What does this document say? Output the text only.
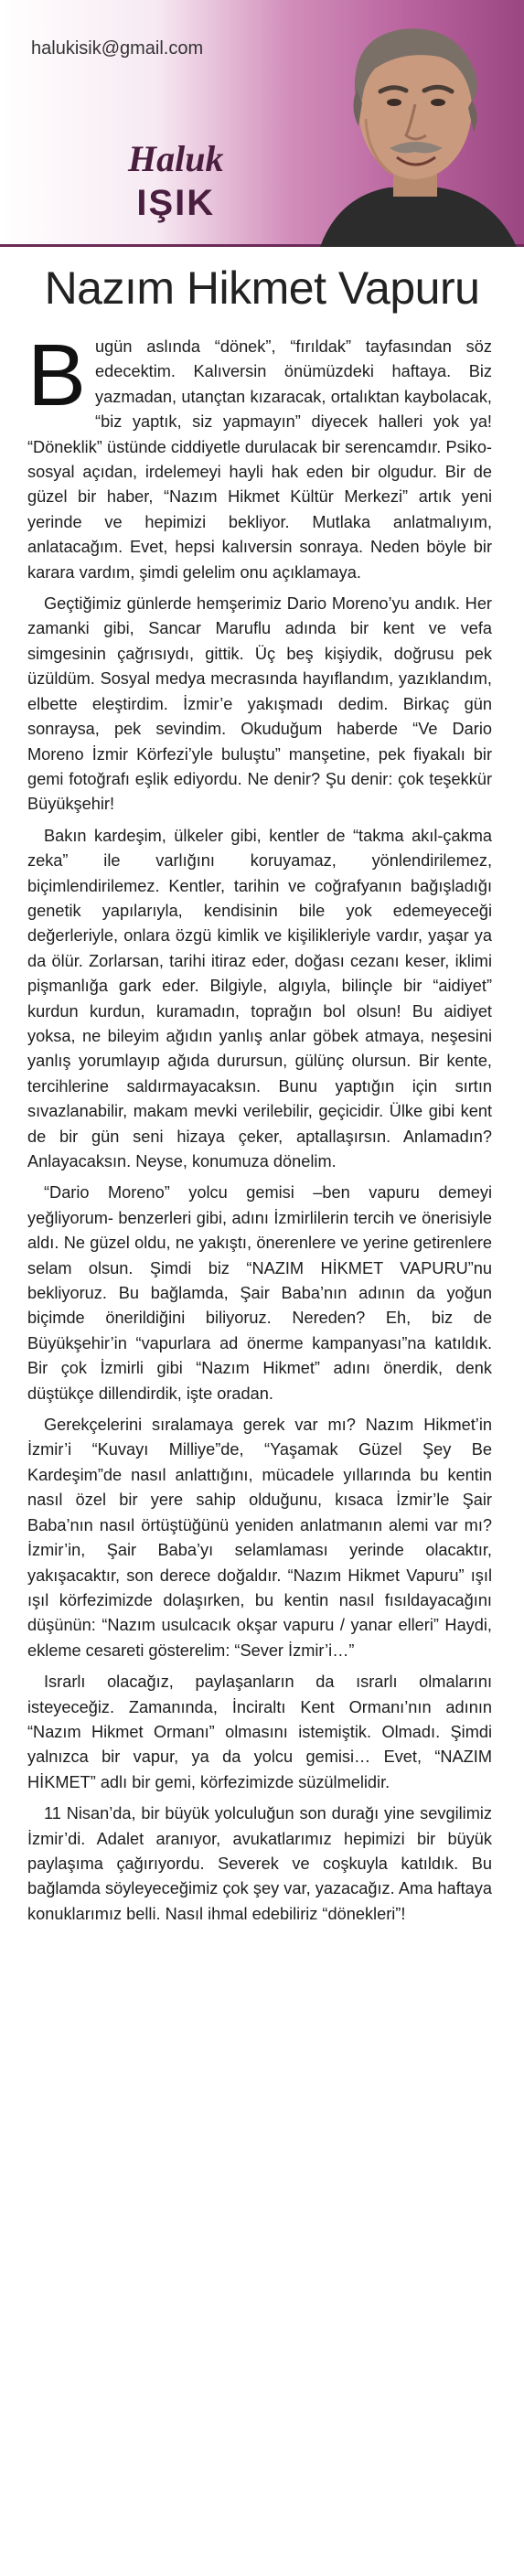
halukisik@gmail.com
Haluk
IŞIK
Nazım Hikmet Vapuru

Bugün aslında “dönek”, “fırıldak” tayfasından söz edecektim. Kalıversin önümüzdeki haftaya. Biz yazmadan, utançtan kızaracak, ortalıktan kaybolacak, “biz yaptık, siz yapmayın” diyecek halleri yok ya! “Döneklik” üstünde ciddiyetle durulacak bir serencamdır. Psiko-sosyal açıdan, irdelemeyi hayli hak eden bir olgudur. Bir de güzel bir haber, “Nazım Hikmet Kültür Merkezi” artık yeni yerinde ve hepimizi bekliyor. Mutlaka anlatmalıyım, anlatacağım. Evet, hepsi kalıversin sonraya. Neden böyle bir karara vardım, şimdi gelelim onu açıklamaya.

Geçtiğimiz günlerde hemşerimiz Dario Moreno’yu andık. Her zamanki gibi, Sancar Maruflu adında bir kent ve vefa simgesinin çağrısıydı, gittik. Üç beş kişiydik, doğrusu pek üzüldüm. Sosyal medya mecrasında hayıflandım, yazıklandım, elbette eleştirdim. İzmir’e yakışmadı dedim. Birkaç gün sonraysa, pek sevindim. Okuduğum haberde “Ve Dario Moreno İzmir Körfezi’yle buluştu” manşetine, pek fiyakalı bir gemi fotoğrafı eşlik ediyordu. Ne denir? Şu denir: çok teşekkür Büyükşehir!

Bakın kardeşim, ülkeler gibi, kentler de “takma akıl-çakma zeka” ile varlığını koruyamaz, yönlendirilemez, biçimlendirilemez. Kentler, tarihin ve coğrafyanın bağışladığı genetik yapılarıyla, kendisinin bile yok edemeyeceği değerleriyle, onlara özgü kimlik ve kişilikleriyle vardır, yaşar ya da ölür. Zorlarsan, tarihi itiraz eder, doğası cezanı keser, iklimi pişmanlığa gark eder. Bilgiyle, algıyla, bilinçle bir “aidiyet” kurdun kurdun, kuramadın, toprağın bol olsun! Bu aidiyet yoksa, ne bileyim ağıdın yanlış anlar göbek atmaya, neşesini yanlış yorumlayıp ağıda durursun, gülünç olursun. Bir kente, tercihlerine saldırmayacaksın. Bunu yaptığın için sırtın sıvazlanabilir, makam mevki verilebilir, geçicidir. Ülke gibi kent de bir gün seni hizaya çeker, aptallaşırsın. Anlamadın? Anlayacaksın. Neyse, konumuza dönelim.

“Dario Moreno” yolcu gemisi –ben vapuru demeyi yeğliyorum- benzerleri gibi, adını İzmirlilerin tercih ve önerisiyle aldı. Ne güzel oldu, ne yakıştı, önerenlere ve yerine getirenlere selam olsun. Şimdi biz “NAZIM HİKMET VAPURU”nu bekliyoruz. Bu bağlamda, Şair Baba’nın adının da yoğun biçimde önerildiğini biliyoruz. Nereden? Eh, biz de Büyükşehir’in “vapurlara ad önerme kampanyası”na katıldık. Bir çok İzmirli gibi “Nazım Hikmet” adını önerdik, denk düştükçe dillendirdik, işte oradan.

Gerekçelerini sıralamaya gerek var mı? Nazım Hikmet’in İzmir’i “Kuvayı Milliye”de, “Yaşamak Güzel Şey Be Kardeşim”de nasıl anlattığını, mücadele yıllarında bu kentin nasıl özel bir yere sahip olduğunu, kısaca İzmir’le Şair Baba’nın nasıl örtüştüğünü yeniden anlatmanın alemi var mı? İzmir’in, Şair Baba’yı selamlaması yerinde olacaktır, yakışacaktır, son derece doğaldır. “Nazım Hikmet Vapuru” ışıl ışıl körfezimizde dolaşırken, bu kentin nasıl fısıldayacağını düşünün: “Nazım usulcacık okşar vapuru / yanar elleri” Haydi, ekleme cesareti gösterelim: “Sever İzmir’i…”

Israrlı olacağız, paylaşanların da ısrarlı olmalarını isteyeceğiz. Zamanında, İnciraltı Kent Ormanı’nın adının “Nazım Hikmet Ormanı” olmasını istemiştik. Olmadı. Şimdi yalnızca bir vapur, ya da yolcu gemisi… Evet, “NAZIM HİKMET” adlı bir gemi, körfezimizde süzülmelidir.

11 Nisan’da, bir büyük yolculuğun son durağı yine sevgilimiz İzmir’di. Adalet aranıyor, avukatlarımız hepimizi bir büyük paylaşıma çağırıyordu. Severek ve coşkuyla katıldık. Bu bağlamda söyleyeceğimiz çok şey var, yazacağız. Ama haftaya konuklarımız belli. Nasıl ihmal edebiliriz “dönekleri”!
